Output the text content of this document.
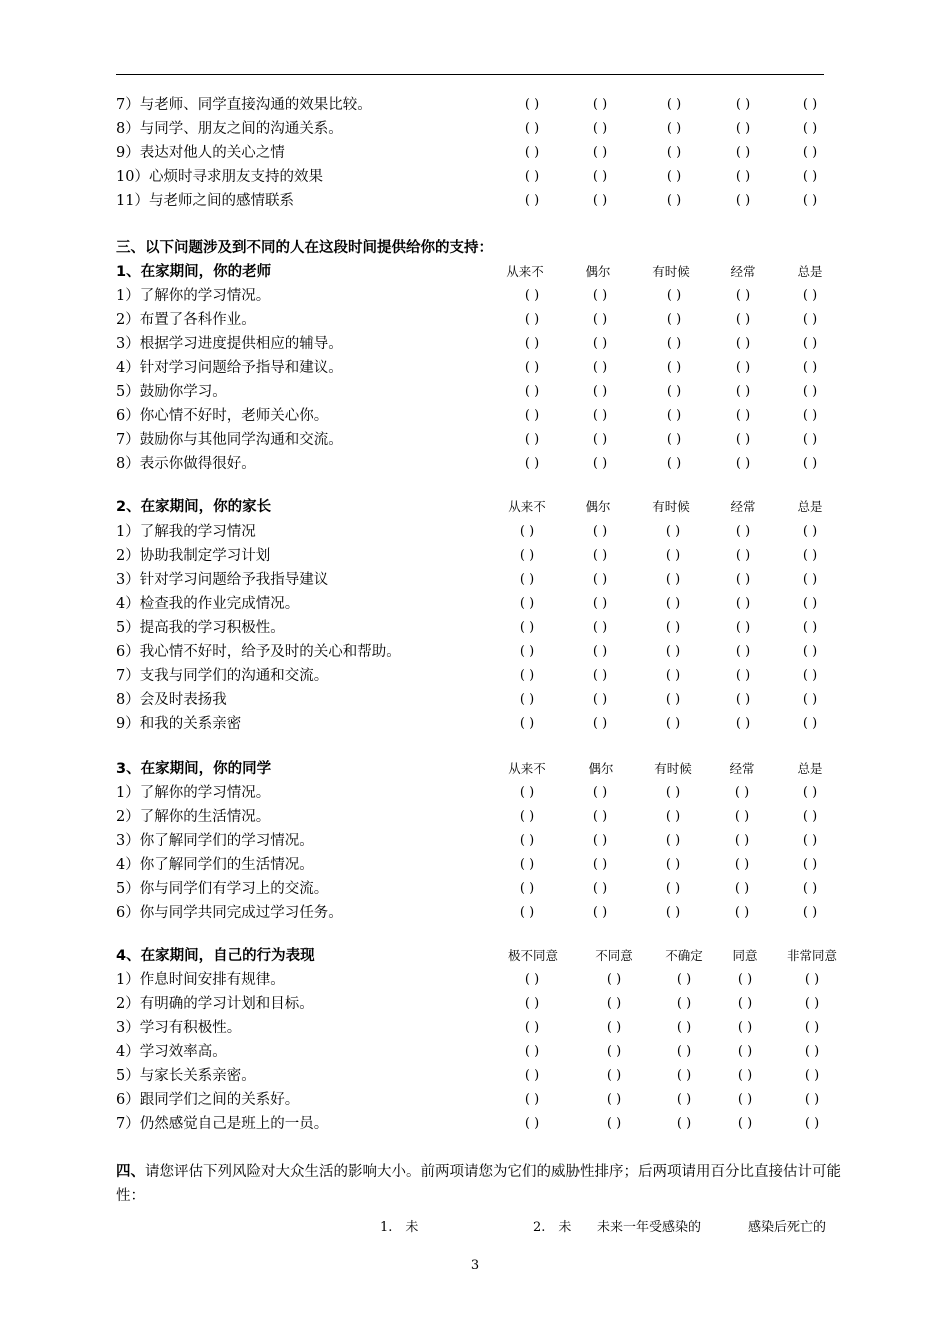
7）与老师、同学直接沟通的效果比较。	( )	( )	( )	( )	( )
8）与同学、朋友之间的沟通关系。	( )	( )	( )	( )	( )
9）表达对他人的关心之情	( )	( )	( )	( )	( )
10）心烦时寻求朋友支持的效果	( )	( )	( )	( )	( )
11）与老师之间的感情联系	( )	( )	( )	( )	( )
三、以下问题涉及到不同的人在这段时间提供给你的支持：
1、在家期间，你的老师	从来不	偶尔	有时候	经常	总是
1）了解你的学习情况。	( )	( )	( )	( )	( )
2）布置了各科作业。	( )	( )	( )	( )	( )
3）根据学习进度提供相应的辅导。	( )	( )	( )	( )	( )
4）针对学习问题给予指导和建议。	( )	( )	( )	( )	( )
5）鼓励你学习。	( )	( )	( )	( )	( )
6）你心情不好时，老师关心你。	( )	( )	( )	( )	( )
7）鼓励你与其他同学沟通和交流。	( )	( )	( )	( )	( )
8）表示你做得很好。	( )	( )	( )	( )	( )
2、在家期间，你的家长	从来不	偶尔	有时候	经常	总是
1）了解我的学习情况	( )	( )	( )	( )	( )
2）协助我制定学习计划	( )	( )	( )	( )	( )
3）针对学习问题给予我指导建议	( )	( )	( )	( )	( )
4）检查我的作业完成情况。	( )	( )	( )	( )	( )
5）提高我的学习积极性。	( )	( )	( )	( )	( )
6）我心情不好时，给予及时的关心和帮助。	( )	( )	( )	( )	( )
7）支我与同学们的沟通和交流。	( )	( )	( )	( )	( )
8）会及时表扬我	( )	( )	( )	( )	( )
9）和我的关系亲密	( )	( )	( )	( )	( )
3、在家期间，你的同学	从来不	偶尔	有时候	经常	总是
1）了解你的学习情况。	( )	( )	( )	( )	( )
2）了解你的生活情况。	( )	( )	( )	( )	( )
3）你了解同学们的学习情况。	( )	( )	( )	( )	( )
4）你了解同学们的生活情况。	( )	( )	( )	( )	( )
5）你与同学们有学习上的交流。	( )	( )	( )	( )	( )
6）你与同学共同完成过学习任务。	( )	( )	( )	( )	( )
4、在家期间，自己的行为表现	极不同意	不同意	不确定	同意	非常同意
1）作息时间安排有规律。	( )	( )	( )	( )	( )
2）有明确的学习计划和目标。	( )	( )	( )	( )	( )
3）学习有积极性。	( )	( )	( )	( )	( )
4）学习效率高。	( )	( )	( )	( )	( )
5）与家长关系亲密。	( )	( )	( )	( )	( )
6）跟同学们之间的关系好。	( )	( )	( )	( )	( )
7）仍然感觉自己是班上的一员。	( )	( )	( )	( )	( )
四、请您评估下列风险对大众生活的影响大小。前两项请您为它们的威胁性排序；后两项请用百分比直接估计可能性：
1.　未	2.　未 未来一年受感染的	感染后死亡的
3
